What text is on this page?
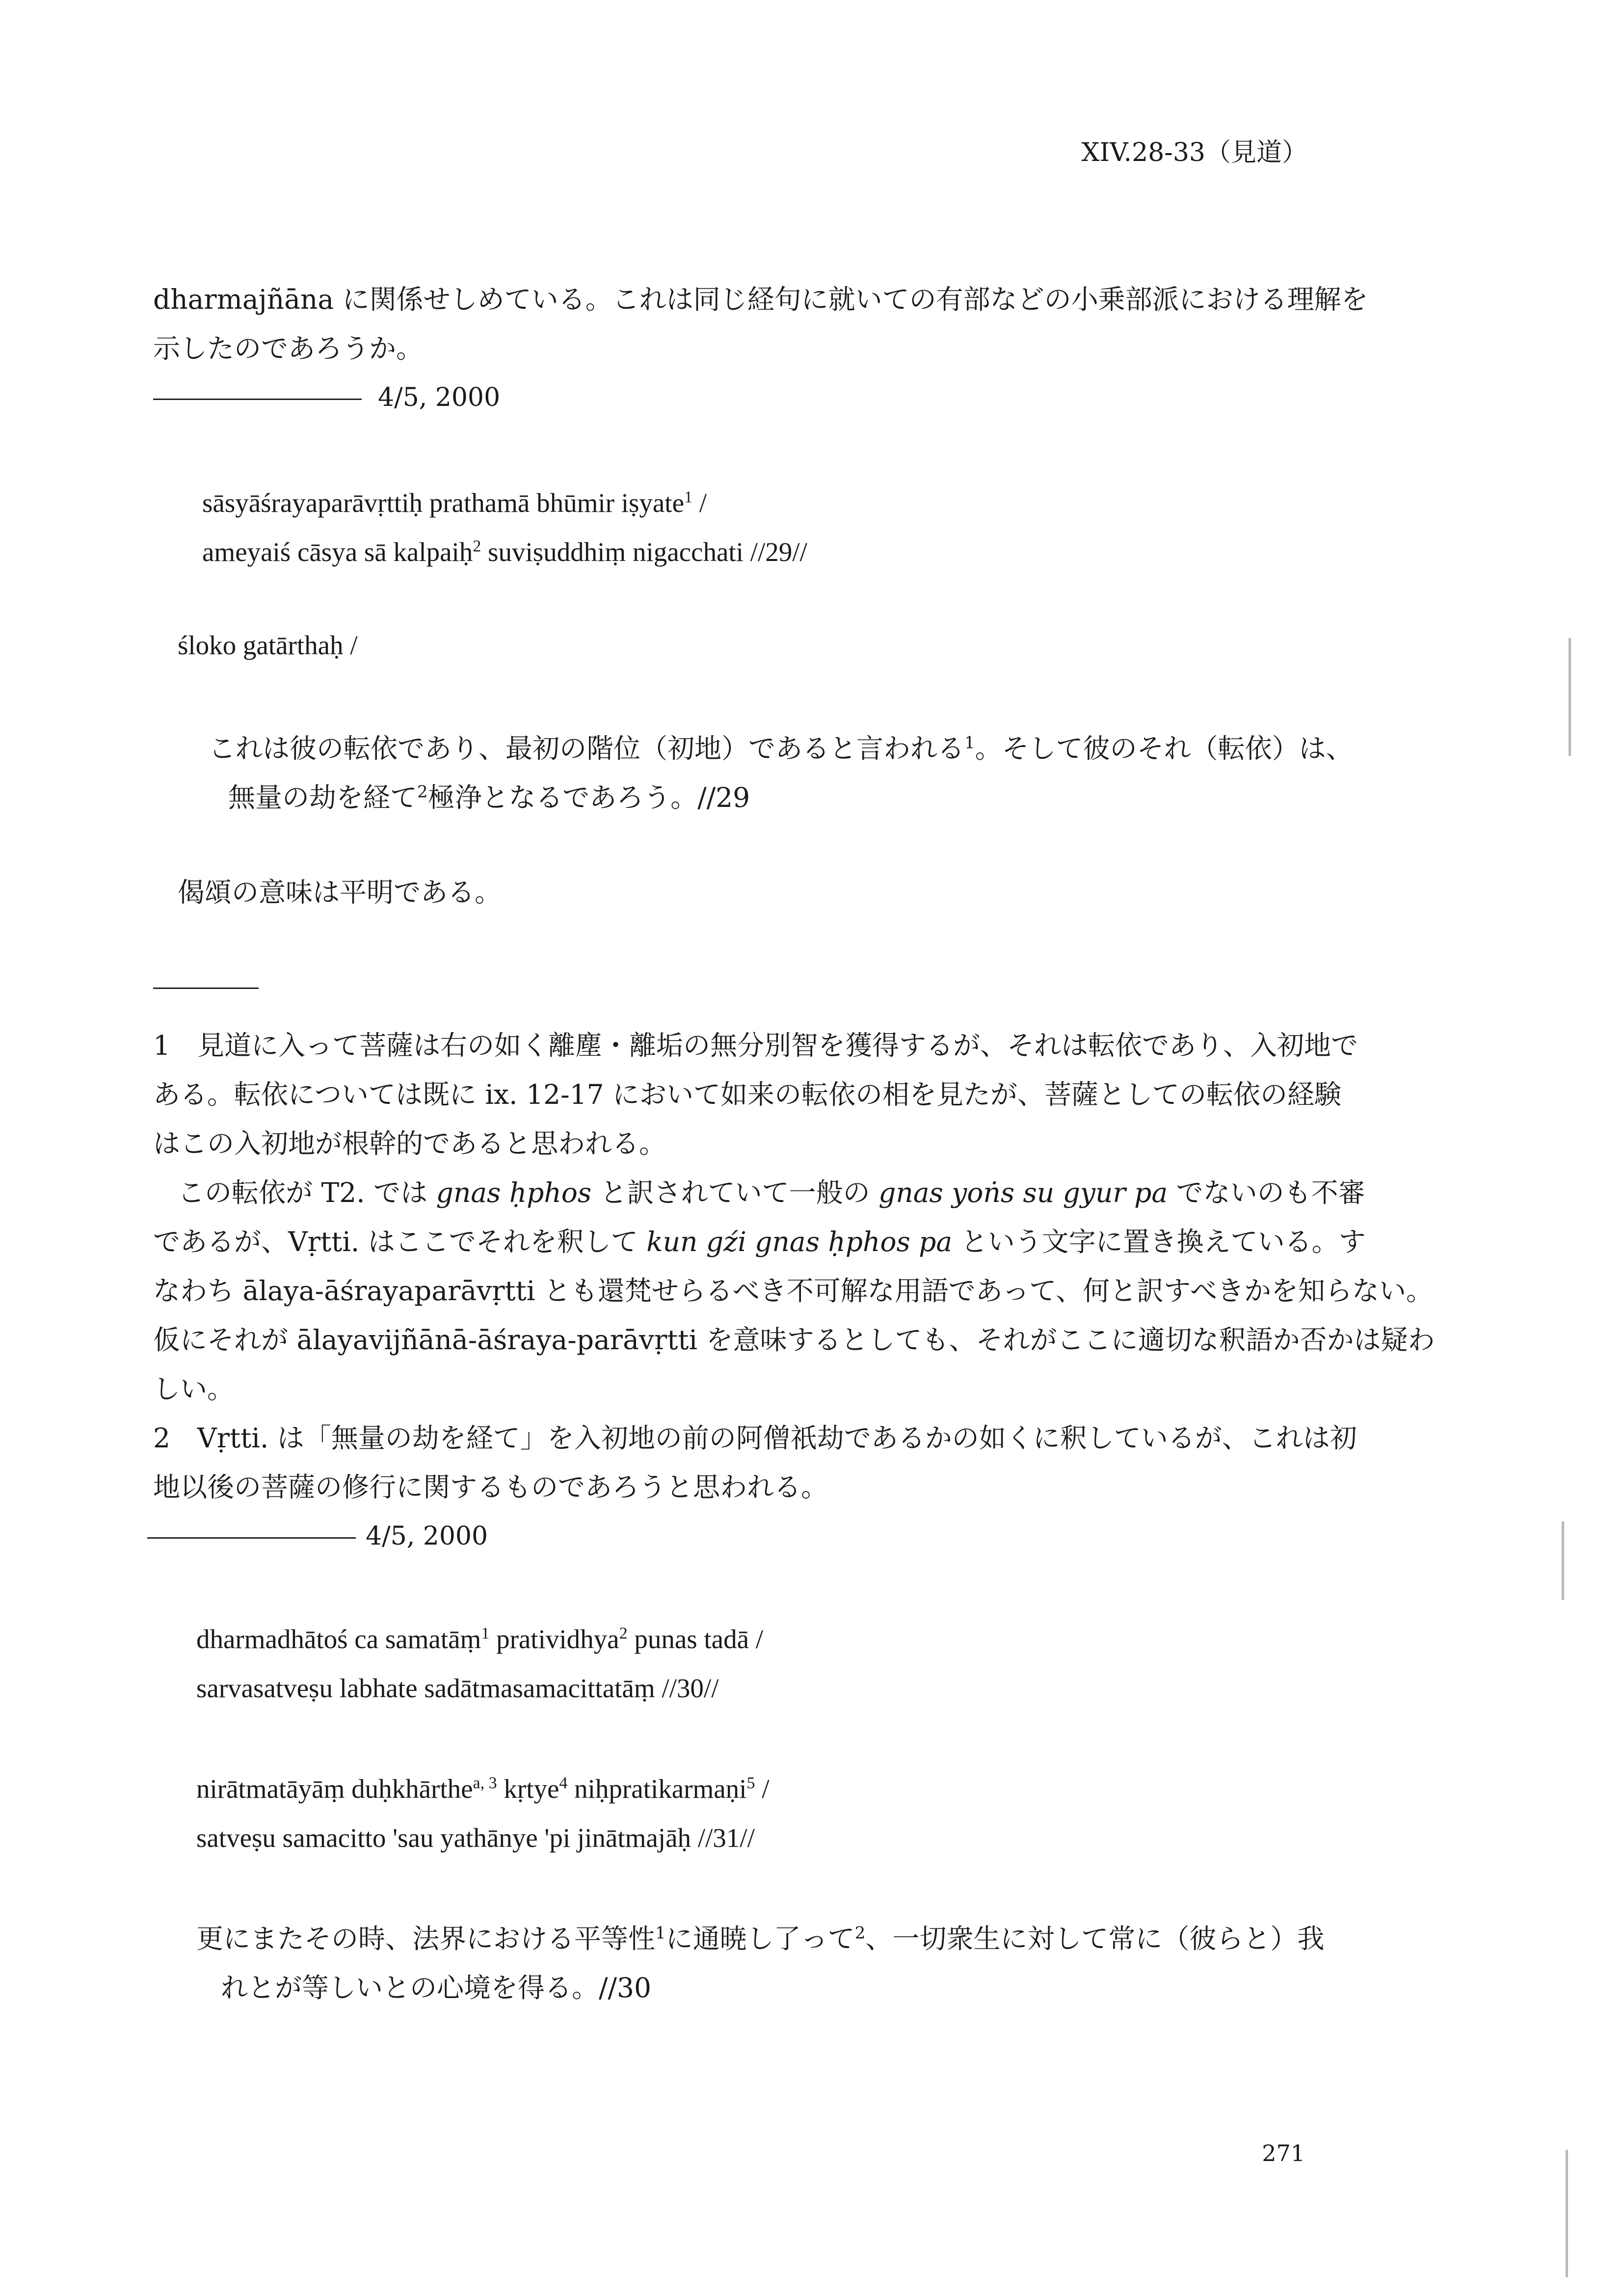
XIV.28-33（見道）
dharmajñāna に関係せしめている。これは同じ経句に就いての有部などの小乗部派における理解を
示したのであろうか。
4/5, 2000
sāsyāśrayaparāvṛttiḥ prathamā bhūmir iṣyate$^1$ /
ameyaiś cāsya sā kalpaiḥ$^2$ suviṣuddhiṃ nigacchati //29//
śloko gatārthaḥ /
これは彼の転依であり、最初の階位（初地）であると言われる$^1$。そして彼のそれ（転依）は、
無量の劫を経て$^2$極浄となるであろう。//29
偈頌の意味は平明である。
1　 見道に入って菩薩は右の如く離塵・離垢の無分別智を獲得するが、それは転依であり、入初地で
ある。転依については既に ix. 12-17 において如来の転依の相を見たが、菩薩としての転依の経験
はこの入初地が根幹的であると思われる。
この転依が T2. では gnas ḥphos と訳されていて一般の gnas yoṅs su gyur pa でないのも不審
であるが、Vṛtti. はここでそれを釈して kun gźi gnas ḥphos pa という文字に置き換えている。す
なわち ālaya-āśrayaparāvṛtti とも還梵せらるべき不可解な用語であって、何と訳すべきかを知らない。
仮にそれが ālayavijñānā-āśraya-parāvṛtti を意味するとしても、それがここに適切な釈語か否かは疑わ
しい。
2　 Vṛtti. は「無量の劫を経て」を入初地の前の阿僧祇劫であるかの如くに釈しているが、これは初
地以後の菩薩の修行に関するものであろうと思われる。
4/5, 2000
dharmadhātoś ca samatāṃ$^1$ pratividhya$^2$ punas tadā /
sarvasatveṣu labhate sadātmasamacittatāṃ //30//
nirātmatāyāṃ duḥkhārthe$^{a, 3}$ kṛtye$^4$ niḥpratikarmaṇi$^5$ /
satveṣu samacitto 'sau yathānye 'pi jinātmajāḥ //31//
更にまたその時、法界における平等性$^1$に通暁し了って$^2$、一切衆生に対して常に（彼らと）我
れとが等しいとの心境を得る。//30
271
